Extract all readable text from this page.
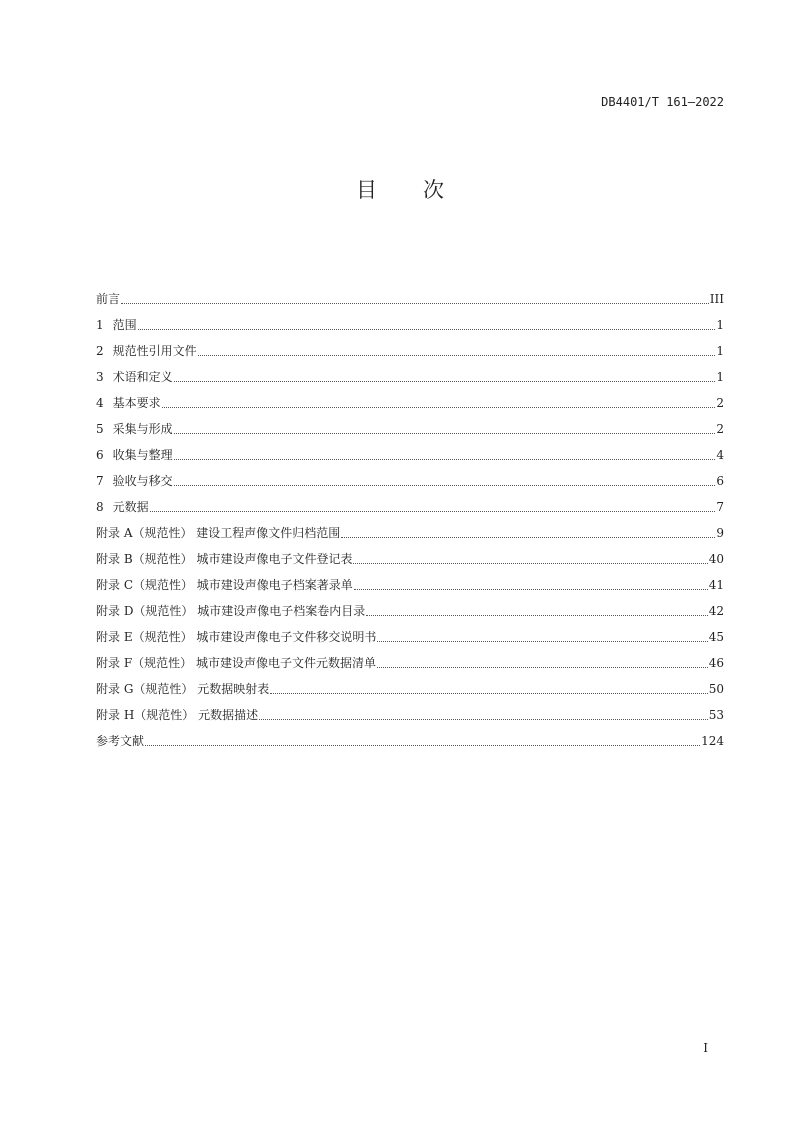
DB4401/T 161—2022
目次
前言	III
1 范围	1
2 规范性引用文件	1
3 术语和定义	1
4 基本要求	2
5 采集与形成	2
6 收集与整理	4
7 验收与移交	6
8 元数据	7
附录 A（规范性） 建设工程声像文件归档范围	9
附录 B（规范性） 城市建设声像电子文件登记表	40
附录 C（规范性） 城市建设声像电子档案著录单	41
附录 D（规范性） 城市建设声像电子档案卷内目录	42
附录 E（规范性） 城市建设声像电子文件移交说明书	45
附录 F（规范性） 城市建设声像电子文件元数据清单	46
附录 G（规范性） 元数据映射表	50
附录 H（规范性） 元数据描述	53
参考文献	124
I
